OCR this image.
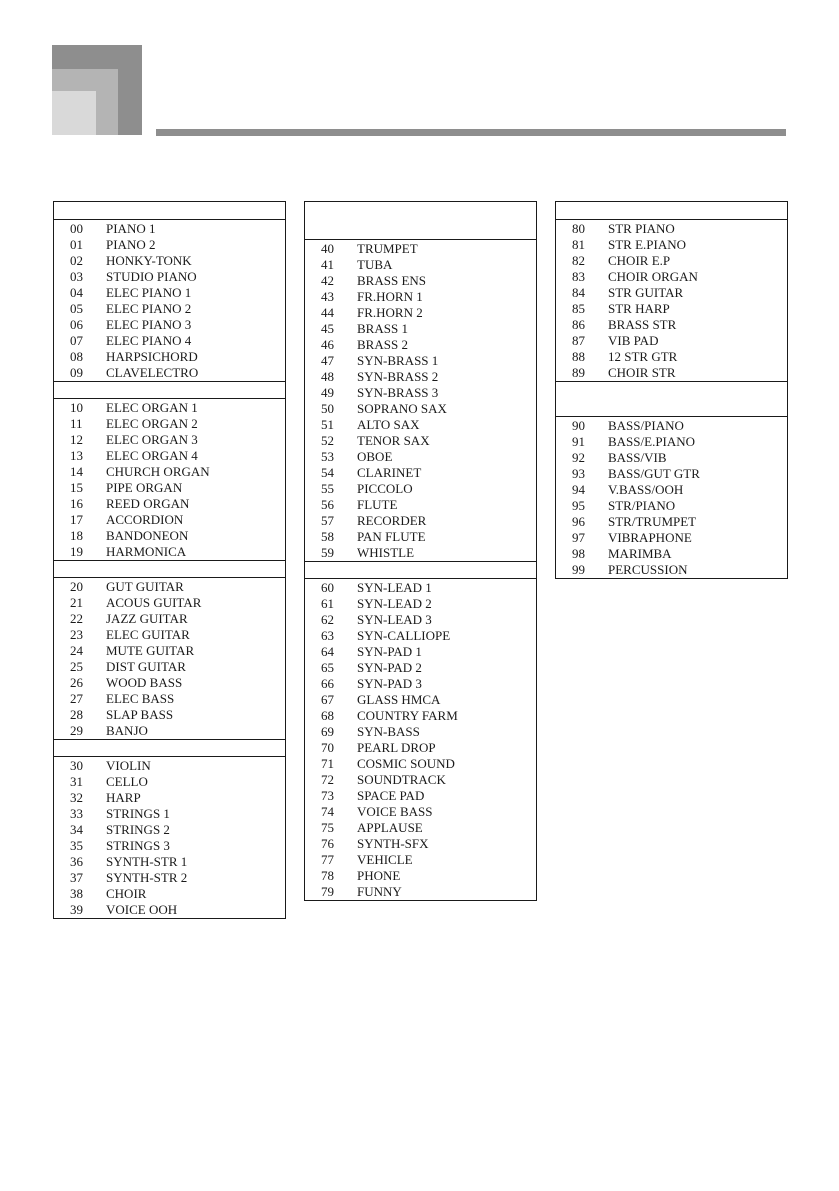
00	PIANO 1
01	PIANO 2
02	HONKY-TONK
03	STUDIO PIANO
04	ELEC PIANO 1
05	ELEC PIANO 2
06	ELEC PIANO 3
07	ELEC PIANO 4
08	HARPSICHORD
09	CLAVELECTRO
10	ELEC ORGAN 1
11	ELEC ORGAN 2
12	ELEC ORGAN 3
13	ELEC ORGAN 4
14	CHURCH ORGAN
15	PIPE ORGAN
16	REED ORGAN
17	ACCORDION
18	BANDONEON
19	HARMONICA
20	GUT GUITAR
21	ACOUS GUITAR
22	JAZZ GUITAR
23	ELEC GUITAR
24	MUTE GUITAR
25	DIST GUITAR
26	WOOD BASS
27	ELEC BASS
28	SLAP BASS
29	BANJO
30	VIOLIN
31	CELLO
32	HARP
33	STRINGS 1
34	STRINGS 2
35	STRINGS 3
36	SYNTH-STR 1
37	SYNTH-STR 2
38	CHOIR
39	VOICE OOH
40	TRUMPET
41	TUBA
42	BRASS ENS
43	FR.HORN 1
44	FR.HORN 2
45	BRASS 1
46	BRASS 2
47	SYN-BRASS 1
48	SYN-BRASS 2
49	SYN-BRASS 3
50	SOPRANO SAX
51	ALTO SAX
52	TENOR SAX
53	OBOE
54	CLARINET
55	PICCOLO
56	FLUTE
57	RECORDER
58	PAN FLUTE
59	WHISTLE
60	SYN-LEAD 1
61	SYN-LEAD 2
62	SYN-LEAD 3
63	SYN-CALLIOPE
64	SYN-PAD 1
65	SYN-PAD 2
66	SYN-PAD 3
67	GLASS HMCA
68	COUNTRY FARM
69	SYN-BASS
70	PEARL DROP
71	COSMIC SOUND
72	SOUNDTRACK
73	SPACE PAD
74	VOICE BASS
75	APPLAUSE
76	SYNTH-SFX
77	VEHICLE
78	PHONE
79	FUNNY
80	STR PIANO
81	STR E.PIANO
82	CHOIR E.P
83	CHOIR ORGAN
84	STR GUITAR
85	STR HARP
86	BRASS STR
87	VIB PAD
88	12 STR GTR
89	CHOIR STR
90	BASS/PIANO
91	BASS/E.PIANO
92	BASS/VIB
93	BASS/GUT GTR
94	V.BASS/OOH
95	STR/PIANO
96	STR/TRUMPET
97	VIBRAPHONE
98	MARIMBA
99	PERCUSSION
